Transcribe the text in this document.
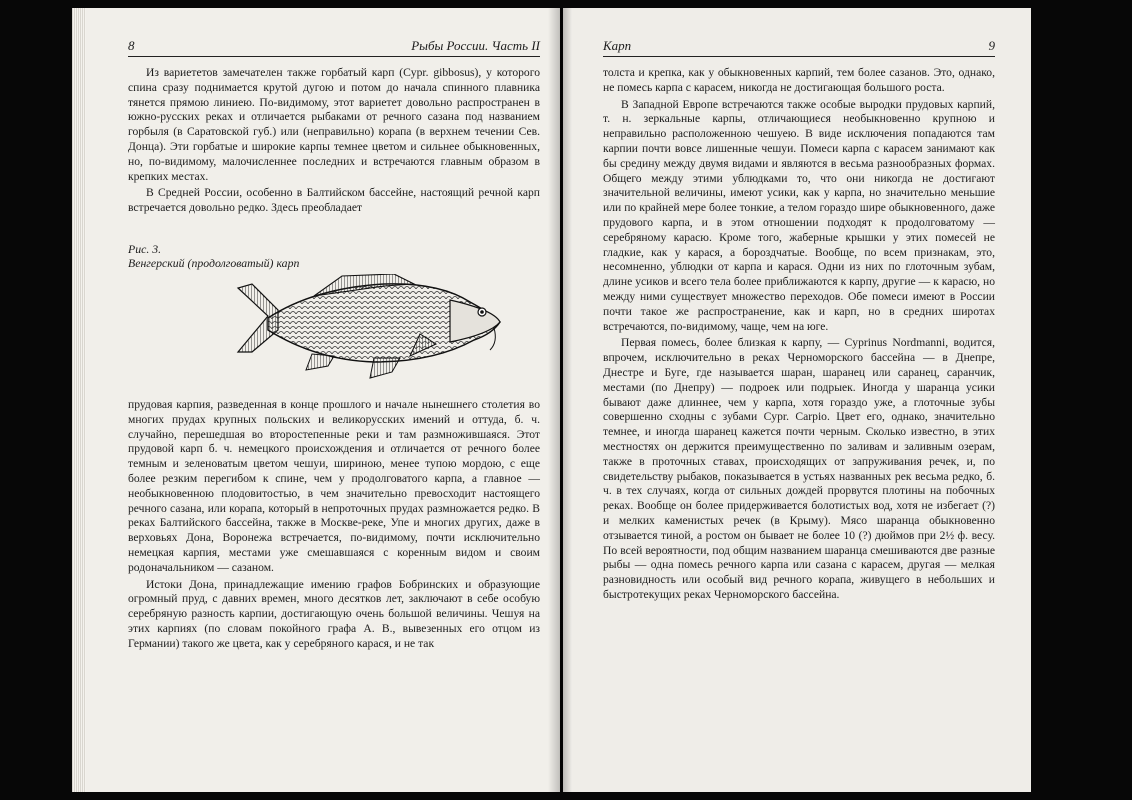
8	Рыбы России. Часть II

Из вариететов замечателен также горбатый карп (Cypr. gibbosus), у которого спина сразу поднимается крутой дугою и потом до начала спинного плавника тянется прямою линиею. По-видимому, этот вариетет довольно распространен в южно-русских реках и отличается рыбаками от речного сазана под названием горбыля (в Саратовской губ.) или (неправильно) корапа (в верхнем течении Сев. Донца). Эти горбатые и широкие карпы темнее цветом и сильнее обыкновенных, но, по-видимому, малочисленнее последних и встречаются главным образом в крепких местах.

В Средней России, особенно в Балтийском бассейне, настоящий речной карп встречается довольно редко. Здесь преобладает

Рис. 3.
Венгерский (продолговатый) карп

прудовая карпия, разведенная в конце прошлого и начале нынешнего столетия во многих прудах крупных польских и великорусских имений и оттуда, б. ч. случайно, перешедшая во второстепенные реки и там размножившаяся. Этот прудовой карп б. ч. немецкого происхождения и отличается от речного более темным и зеленоватым цветом чешуи, шириною, менее тупою мордою, с еще более резким перегибом к спине, чем у продолговатого карпа, а главное — необыкновенною плодовитостью, в чем значительно превосходит настоящего речного сазана, или корапа, который в непроточных прудах размножается редко. В реках Балтийского бассейна, также в Москве-реке, Упе и многих других, даже в верховьях Дона, Воронежа встречается, по-видимому, почти исключительно немецкая карпия, местами уже смешавшаяся с коренным видом и своим родоначальником — сазаном.

Истоки Дона, принадлежащие имению графов Бобринских и образующие огромный пруд, с давних времен, много десятков лет, заключают в себе особую серебряную разность карпии, достигающую очень большой величины. Чешуя на этих карпиях (по словам покойного графа А. В., вывезенных его отцом из Германии) такого же цвета, как у серебряного карася, и не так

Карп	9

толста и крепка, как у обыкновенных карпий, тем более сазанов. Это, однако, не помесь карпа с карасем, никогда не достигающая большого роста.

В Западной Европе встречаются также особые выродки прудовых карпий, т. н. зеркальные карпы, отличающиеся необыкновенно крупною и неправильно расположенною чешуею. В виде исключения попадаются там карпии почти вовсе лишенные чешуи. Помеси карпа с карасем занимают как бы средину между двумя видами и являются в весьма разнообразных формах. Общего между этими ублюдками то, что они никогда не достигают значительной величины, имеют усики, как у карпа, но значительно меньшие или по крайней мере более тонкие, а телом гораздо шире обыкновенного, даже прудового карпа, и в этом отношении подходят к продолговатому — серебряному карасю. Кроме того, жаберные крышки у этих помесей не гладкие, как у карася, а бороздчатые. Вообще, по всем признакам, это, несомненно, ублюдки от карпа и карася. Одни из них по глоточным зубам, длине усиков и всего тела более приближаются к карпу, другие — к карасю, но между ними существует множество переходов. Обе помеси имеют в России почти такое же распространение, как и карп, но в средних широтах встречаются, по-видимому, чаще, чем на юге.

Первая помесь, более близкая к карпу, — Cyprinus Nordmanni, водится, впрочем, исключительно в реках Черноморского бассейна — в Днепре, Днестре и Буге, где называется шаран, шаранец или саранец, саранчик, местами (по Днепру) — подроек или подрыек. Иногда у шаранца усики бывают даже длиннее, чем у карпа, хотя гораздо уже, а глоточные зубы совершенно сходны с зубами Cypr. Carpio. Цвет его, однако, значительно темнее, и иногда шаранец кажется почти черным. Сколько известно, в этих местностях он держится преимущественно по заливам и заливным озерам, также в проточных ставах, происходящих от запруживания речек, и, по свидетельству рыбаков, показывается в устьях названных рек весьма редко, б. ч. в тех случаях, когда от сильных дождей прорвутся плотины на побочных реках. Вообще он более придерживается болотистых вод, хотя не избегает (?) и мелких каменистых речек (в Крыму). Мясо шаранца обыкновенно отзывается тиной, а ростом он бывает не более 10 (?) дюймов при 2½ ф. весу. По всей вероятности, под общим названием шаранца смешиваются две разные рыбы — одна помесь речного карпа или сазана с карасем, другая — мелкая разновидность или особый вид речного корапа, живущего в небольших и быстротекущих реках Черноморского бассейна.
